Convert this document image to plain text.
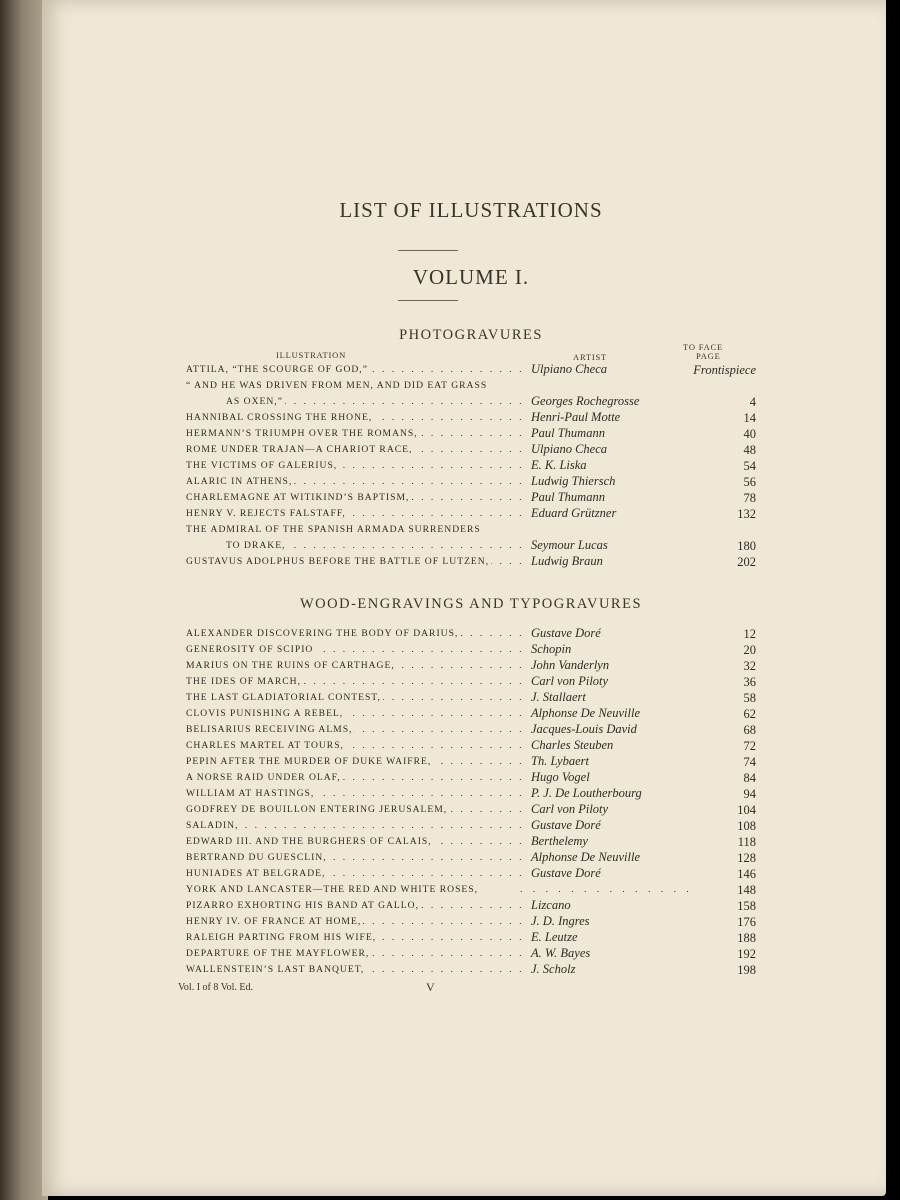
LIST OF ILLUSTRATIONS
VOLUME I.
PHOTOGRAVURES
ILLUSTRATION	ARTIST
TO FACE
PAGE
ATTILA, “THE SCOURGE OF GOD,” . . .	Ulpiano Checa	Frontispiece
“ AND HE WAS DRIVEN FROM MEN, AND DID EAT GRASS
AS OXEN,” . . .	Georges Rochegrosse	4
HANNIBAL CROSSING THE RHONE, . . .	Henri-Paul Motte	14
HERMANN’S TRIUMPH OVER THE ROMANS, . . .	Paul Thumann	40
ROME UNDER TRAJAN—A CHARIOT RACE, . . .	Ulpiano Checa	48
THE VICTIMS OF GALERIUS, . . .	E. K. Liska	54
ALARIC IN ATHENS, . . .	Ludwig Thiersch	56
CHARLEMAGNE AT WITIKIND’S BAPTISM, . . .	Paul Thumann	78
HENRY V. REJECTS FALSTAFF, . . .	Eduard Grützner	132
THE ADMIRAL OF THE SPANISH ARMADA SURRENDERS
TO DRAKE, . . .	Seymour Lucas	180
GUSTAVUS ADOLPHUS BEFORE THE BATTLE OF LUTZEN, . . .	Ludwig Braun	202
WOOD-ENGRAVINGS AND TYPOGRAVURES
ALEXANDER DISCOVERING THE BODY OF DARIUS, . . .	Gustave Doré	12
GENEROSITY OF SCIPIO . . .	Schopin	20
MARIUS ON THE RUINS OF CARTHAGE, . . .	John Vanderlyn	32
THE IDES OF MARCH, . . .	Carl von Piloty	36
THE LAST GLADIATORIAL CONTEST, . . .	J. Stallaert	58
CLOVIS PUNISHING A REBEL, . . .	Alphonse De Neuville	62
BELISARIUS RECEIVING ALMS, . . .	Jacques-Louis David	68
CHARLES MARTEL AT TOURS, . . .	Charles Steuben	72
PEPIN AFTER THE MURDER OF DUKE WAIFRE, . . .	Th. Lybaert	74
A NORSE RAID UNDER OLAF, . . .	Hugo Vogel	84
WILLIAM AT HASTINGS, . . .	P. J. De Loutherbourg	94
GODFREY DE BOUILLON ENTERING JERUSALEM, . . .	Carl von Piloty	104
SALADIN, . . .	Gustave Doré	108
EDWARD III. AND THE BURGHERS OF CALAIS, . . .	Berthelemy	118
BERTRAND DU GUESCLIN, . . .	Alphonse De Neuville	128
HUNIADES AT BELGRADE, . . .	Gustave Doré	146
YORK AND LANCASTER—THE RED AND WHITE ROSES,	. . . . . . . . . . . . . .	148
PIZARRO EXHORTING HIS BAND AT GALLO, . . .	Lizcano	158
HENRY IV. OF FRANCE AT HOME, . . .	J. D. Ingres	176
RALEIGH PARTING FROM HIS WIFE, . . .	E. Leutze	188
DEPARTURE OF THE MAYFLOWER, . . .	A. W. Bayes	192
WALLENSTEIN’S LAST BANQUET, . . .	J. Scholz	198
Vol. I of 8 Vol. Ed.	V
